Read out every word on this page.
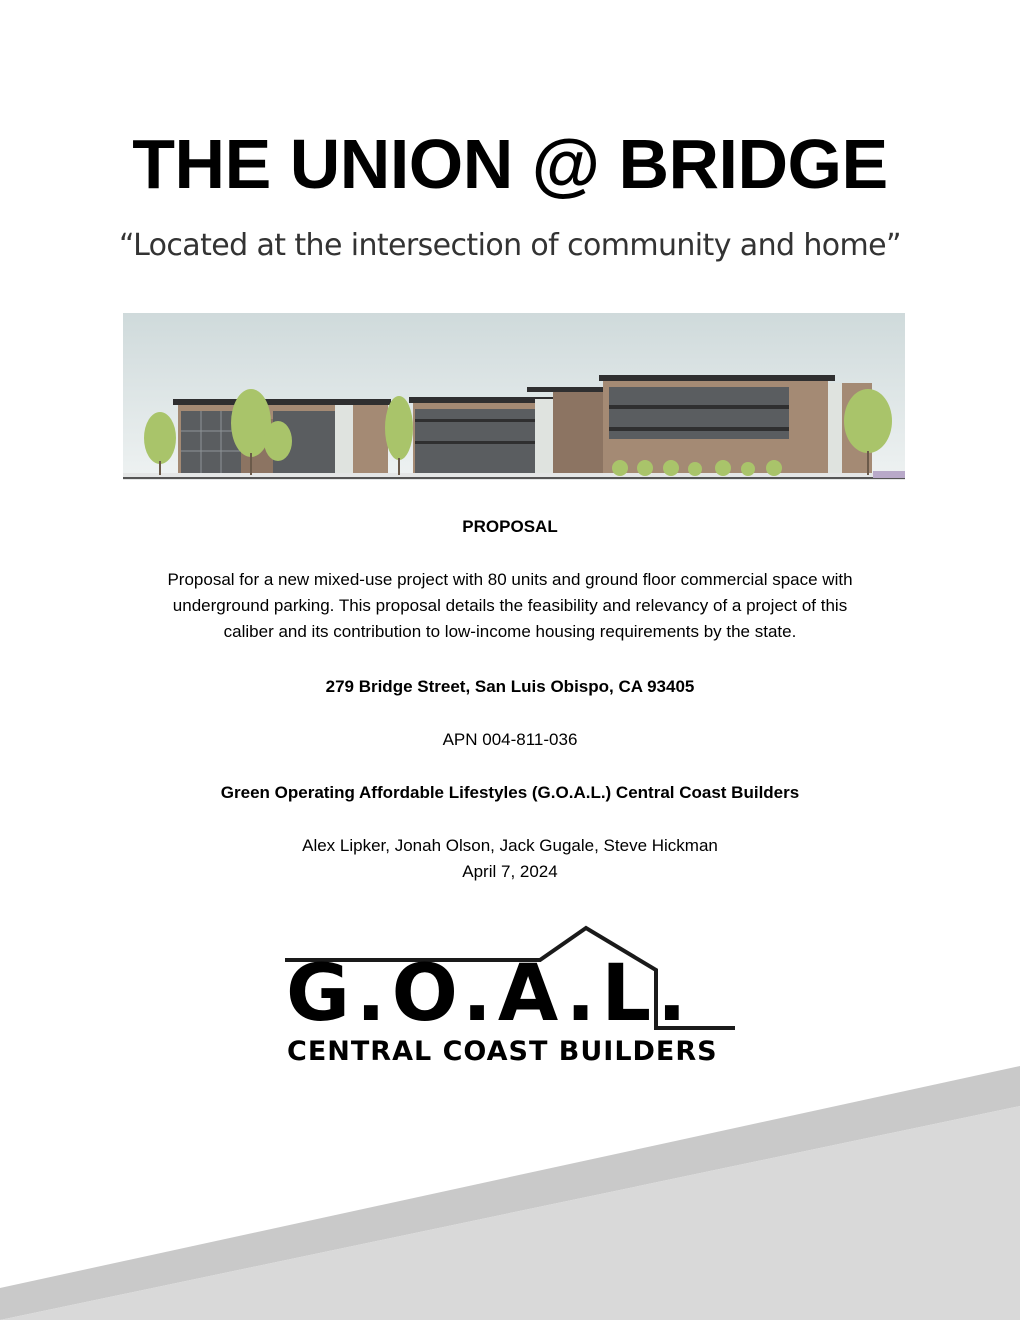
THE UNION @ BRIDGE
“Located at the intersection of community and home”
PROPOSAL
Proposal for a new mixed-use project with 80 units and ground floor commercial space with
underground parking. This proposal details the feasibility and relevancy of a project of this
caliber and its contribution to low-income housing requirements by the state.
279 Bridge Street, San Luis Obispo, CA 93405
APN 004-811-036
Green Operating Affordable Lifestyles (G.O.A.L.) Central Coast Builders
Alex Lipker, Jonah Olson, Jack Gugale, Steve Hickman
April 7, 2024
G.O.A.L.
CENTRAL COAST BUILDERS
